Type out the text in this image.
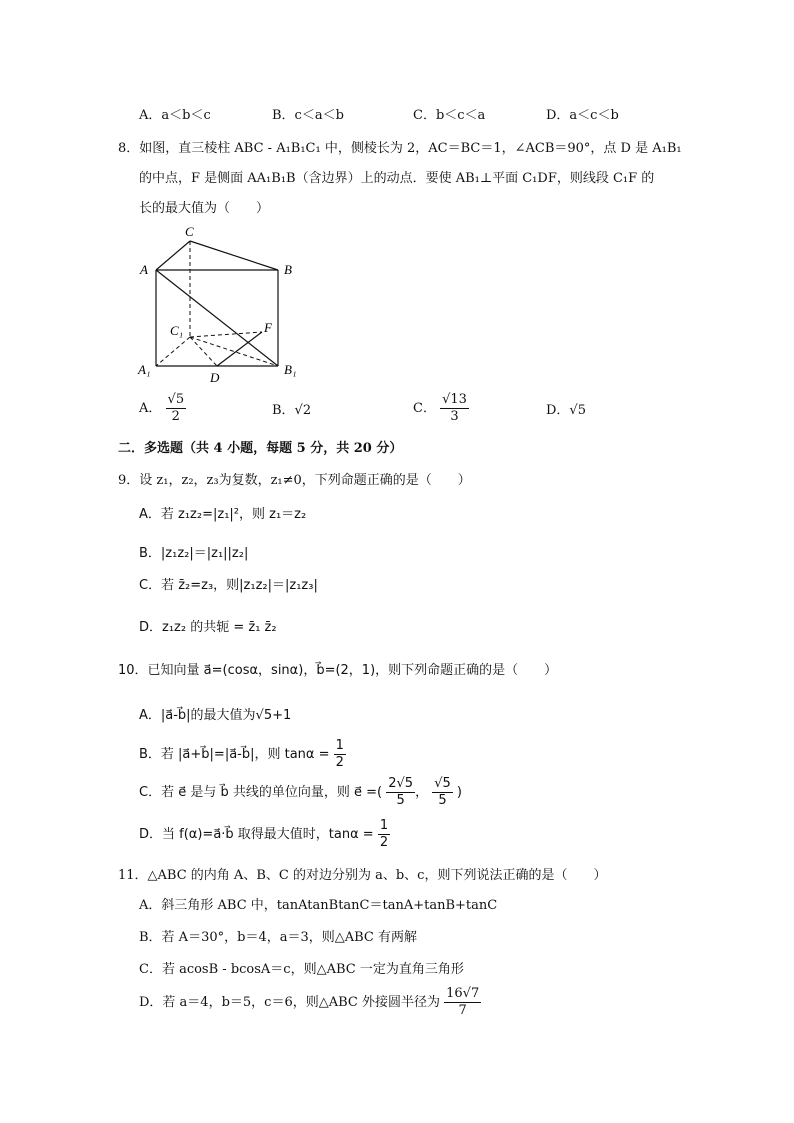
A．a＜b＜c	B．c＜a＜b	C．b＜c＜a	D．a＜c＜b
8．如图，直三棱柱 ABC - A₁B₁C₁ 中，侧棱长为 2，AC＝BC＝1，∠ACB＝90°，点 D 是 A₁B₁
的中点，F 是侧面 AA₁B₁B（含边界）上的动点．要使 AB₁⊥平面 C₁DF，则线段 C₁F 的
长的最大值为（　　）
C
A	B
C₁	F
A₁
D
B₁
A． $\frac{√5}{2}$	B．√2	C． $\frac{√13}{3}$	D．√5
二．多选题（共 4 小题，每题 5 分，共 20 分）
9．设 z₁，z₂，z₃为复数，z₁≠0，下列命题正确的是（　　）
A．若 z₁z₂=|z₁|²，则 z₁＝z₂
B．|z₁z₂|＝|z₁||z₂|
C．若 z̄₂=z₃，则|z₁z₂|＝|z₁z₃|
D．z₁z₂ 的共轭 = z̄₁ z̄₂
10．已知向量 a⃗=(cosα，sinα)，b⃗=(2，1)，则下列命题正确的是（　　）
A．|a⃗-b⃗|的最大值为√5+1
B．若 |a⃗+b⃗|=|a⃗-b⃗|，则 $\tan\alpha = \frac{1}{2}$
C．若 e⃗ 是与 b⃗ 共线的单位向量，则 e⃗ =( $\frac{2√5}{5}$ ， $\frac{√5}{5}$ )
D．当 f(α)=a⃗·b⃗ 取得最大值时，$\tan\alpha = \frac{1}{2}$
11．△ABC 的内角 A、B、C 的对边分别为 a、b、c，则下列说法正确的是（　　）
A．斜三角形 ABC 中，tanAtanBtanC＝tanA+tanB+tanC
B．若 A＝30°，b＝4，a＝3，则△ABC 有两解
C．若 acosB - bcosA＝c，则△ABC 一定为直角三角形
D．若 a＝4，b＝5，c＝6，则△ABC 外接圆半径为 $\frac{16√7}{7}$
